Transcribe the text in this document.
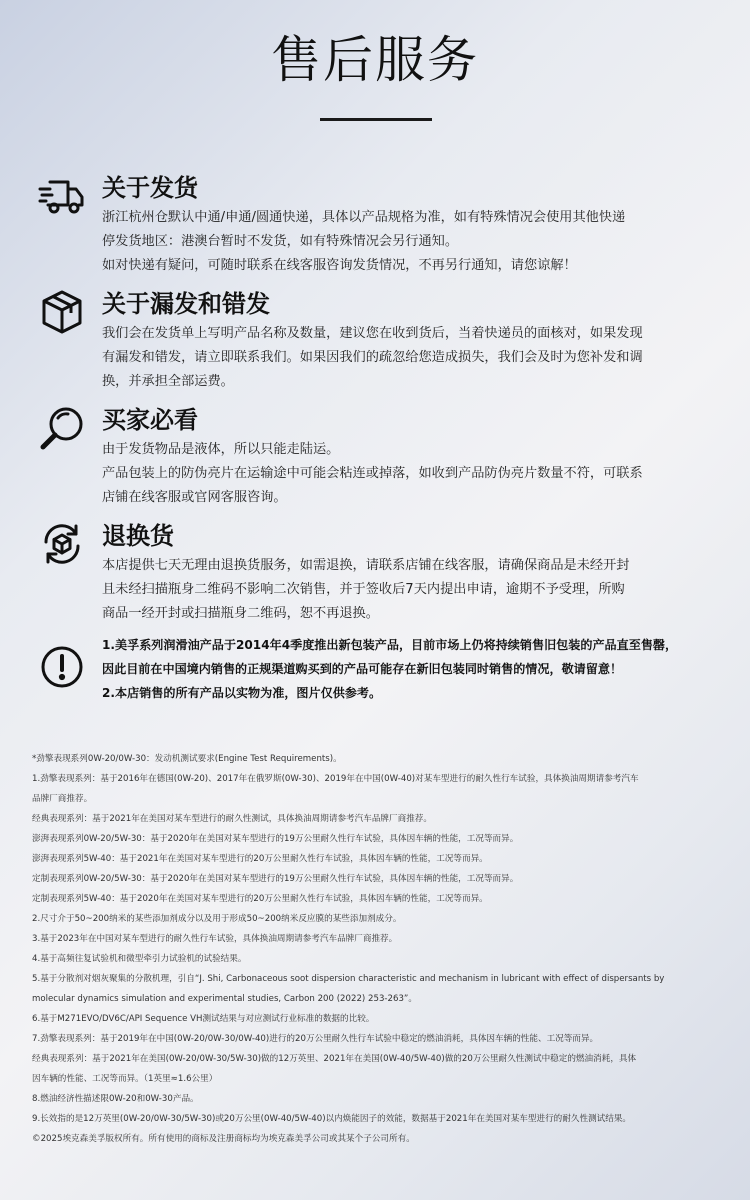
售后服务
关于发货

浙江杭州仓默认中通/申通/圆通快递，具体以产品规格为准，如有特殊情况会使用其他快递

停发货地区：港澳台暂时不发货，如有特殊情况会另行通知。

如对快递有疑问，可随时联系在线客服咨询发货情况，不再另行通知，请您谅解！

关于漏发和错发

我们会在发货单上写明产品名称及数量，建议您在收到货后，当着快递员的面核对，如果发现

有漏发和错发，请立即联系我们。如果因我们的疏忽给您造成损失，我们会及时为您补发和调

换，并承担全部运费。

买家必看

由于发货物品是液体，所以只能走陆运。

产品包装上的防伪亮片在运输途中可能会粘连或掉落，如收到产品防伪亮片数量不符，可联系

店铺在线客服或官网客服咨询。

退换货

本店提供七天无理由退换货服务，如需退换，请联系店铺在线客服，请确保商品是未经开封

且未经扫描瓶身二维码不影响二次销售，并于签收后7天内提出申请，逾期不予受理，所购

商品一经开封或扫描瓶身二维码，恕不再退换。

1.美孚系列润滑油产品于2014年4季度推出新包装产品，目前市场上仍将持续销售旧包装的产品直至售罄，

因此目前在中国境内销售的正规渠道购买到的产品可能存在新旧包装同时销售的情况，敬请留意！

2.本店销售的所有产品以实物为准，图片仅供参考。

*劲擎表现系列0W-20/0W-30：发动机测试要求(Engine Test Requirements)。

1.劲擎表现系列：基于2016年在德国(0W-20)、2017年在俄罗斯(0W-30)、2019年在中国(0W-40)对某车型进行的耐久性行车试验，具体换油周期请参考汽车

品牌厂商推荐。

经典表现系列：基于2021年在美国对某车型进行的耐久性测试，具体换油周期请参考汽车品牌厂商推荐。

澎湃表现系列0W-20/5W-30：基于2020年在美国对某车型进行的19万公里耐久性行车试验，具体因车辆的性能，工况等而异。

澎湃表现系列5W-40：基于2021年在美国对某车型进行的20万公里耐久性行车试验，具体因车辆的性能，工况等而异。

定制表现系列0W-20/5W-30：基于2020年在美国对某车型进行的19万公里耐久性行车试验，具体因车辆的性能，工况等而异。

定制表现系列5W-40：基于2020年在美国对某车型进行的20万公里耐久性行车试验，具体因车辆的性能，工况等而异。

2.尺寸介于50~200纳米的某些添加剂成分以及用于形成50~200纳米反应膜的某些添加剂成分。

3.基于2023年在中国对某车型进行的耐久性行车试验，具体换油周期请参考汽车品牌厂商推荐。

4.基于高频往复试验机和微型牵引力试验机的试验结果。

5.基于分散剂对烟灰聚集的分散机理，引自“J. Shi, Carbonaceous soot dispersion characteristic and mechanism in lubricant with effect of dispersants by

molecular dynamics simulation and experimental studies, Carbon 200 (2022) 253-263”。

6.基于M271EVO/DV6C/API Sequence VH测试结果与对应测试行业标准的数据的比较。

7.劲擎表现系列：基于2019年在中国(0W-20/0W-30/0W-40)进行的20万公里耐久性行车试验中稳定的燃油消耗，具体因车辆的性能、工况等而异。

经典表现系列：基于2021年在美国(0W-20/0W-30/5W-30)做的12万英里、2021年在美国(0W-40/5W-40)做的20万公里耐久性测试中稳定的燃油消耗，具体

因车辆的性能、工况等而异。（1英里≈1.6公里）

8.燃油经济性描述限0W-20和0W-30产品。

9.长效指的是12万英里(0W-20/0W-30/5W-30)或20万公里(0W-40/5W-40)以内焕能因子的效能，数据基于2021年在美国对某车型进行的耐久性测试结果。

©2025埃克森美孚版权所有。所有使用的商标及注册商标均为埃克森美孚公司或其某个子公司所有。
